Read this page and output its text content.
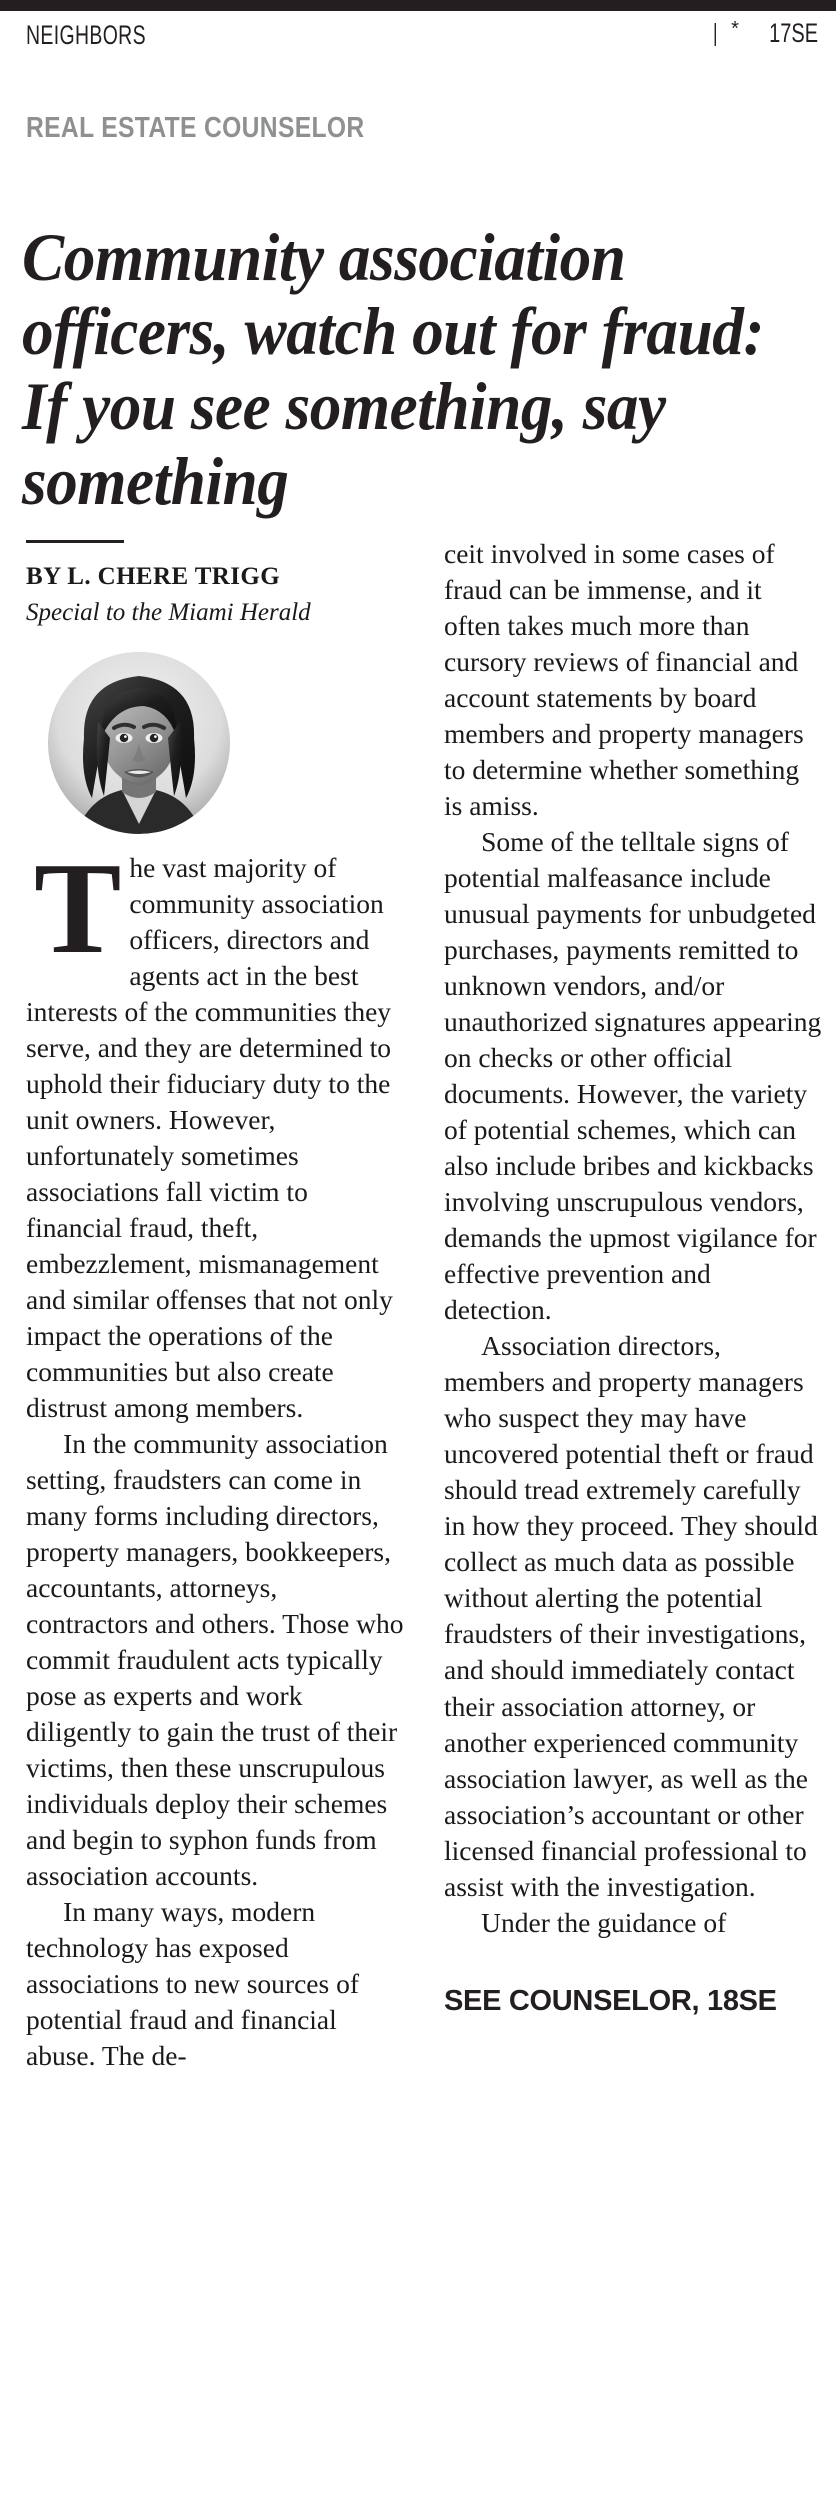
NEIGHBORS	| * 17SE
REAL ESTATE COUNSELOR
Community association officers, watch out for fraud: If you see something, say something
BY L. CHERE TRIGG
Special to the Miami Herald

The vast majority of community association officers, directors and agents act in the best interests of the communities they serve, and they are determined to uphold their fiduciary duty to the unit owners. However, unfortunately sometimes associations fall victim to financial fraud, theft, embezzlement, mismanagement and similar offenses that not only impact the operations of the communities but also create distrust among members.

In the community association setting, fraudsters can come in many forms including directors, property managers, bookkeepers, accountants, attorneys, contractors and others. Those who commit fraudulent acts typically pose as experts and work diligently to gain the trust of their victims, then these unscrupulous individuals deploy their schemes and begin to syphon funds from association accounts.

In many ways, modern technology has exposed associations to new sources of potential fraud and financial abuse. The de-

ceit involved in some cases of fraud can be immense, and it often takes much more than cursory reviews of financial and account statements by board members and property managers to determine whether something is amiss.

Some of the telltale signs of potential malfeasance include unusual payments for unbudgeted purchases, payments remitted to unknown vendors, and/or unauthorized signatures appearing on checks or other official documents. However, the variety of potential schemes, which can also include bribes and kickbacks involving unscrupulous vendors, demands the upmost vigilance for effective prevention and detection.

Association directors, members and property managers who suspect they may have uncovered potential theft or fraud should tread extremely carefully in how they proceed. They should collect as much data as possible without alerting the potential fraudsters of their investigations, and should immediately contact their association attorney, or another experienced community association lawyer, as well as the association’s accountant or other licensed financial professional to assist with the investigation.

Under the guidance of

SEE COUNSELOR, 18SE
